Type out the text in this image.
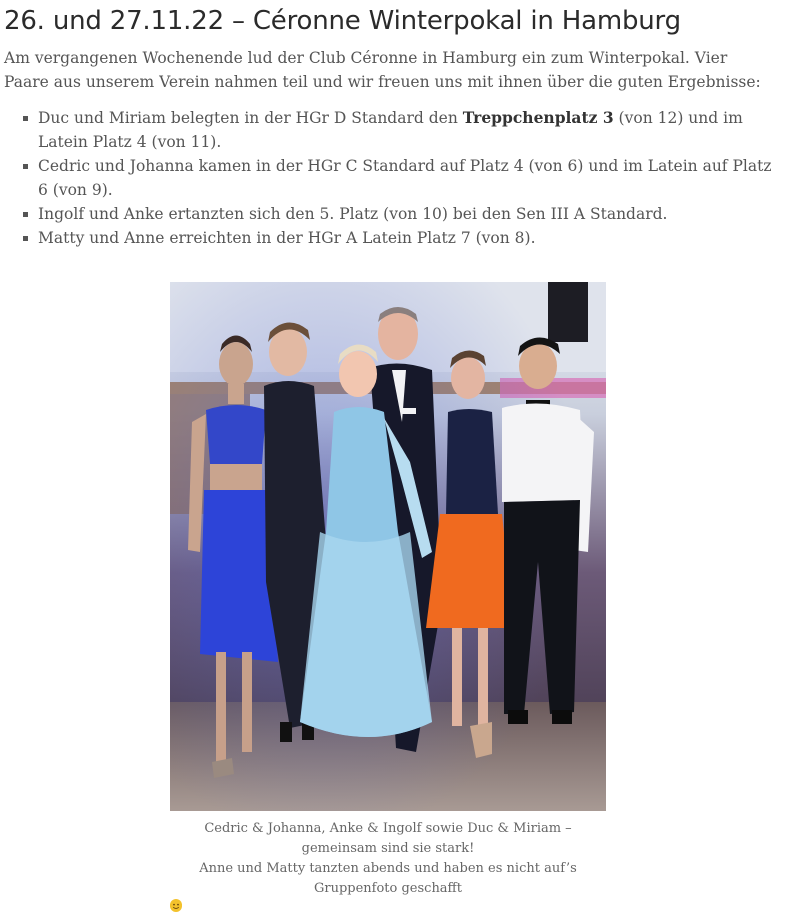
26. und 27.11.22 – Céronne Winterpokal in Hamburg

Am vergangenen Wochenende lud der Club Céronne in Hamburg ein zum Winterpokal. Vier Paare aus unserem Verein nahmen teil und wir freuen uns mit ihnen über die guten Ergebnisse:

Duc und Miriam belegten in der HGr D Standard den Treppchenplatz 3 (von 12) und im Latein Platz 4 (von 11).
Cedric und Johanna kamen in der HGr C Standard auf Platz 4 (von 6) und im Latein auf Platz 6 (von 9).
Ingolf und Anke ertanzten sich den 5. Platz (von 10) bei den Sen III A Standard.
Matty und Anne erreichten in der HGr A Latein Platz 7 (von 8).

Cedric & Johanna, Anke & Ingolf sowie Duc & Miriam – gemeinsam sind sie stark!
Anne und Matty tanzten abends und haben es nicht auf’s Gruppenfoto geschafft
